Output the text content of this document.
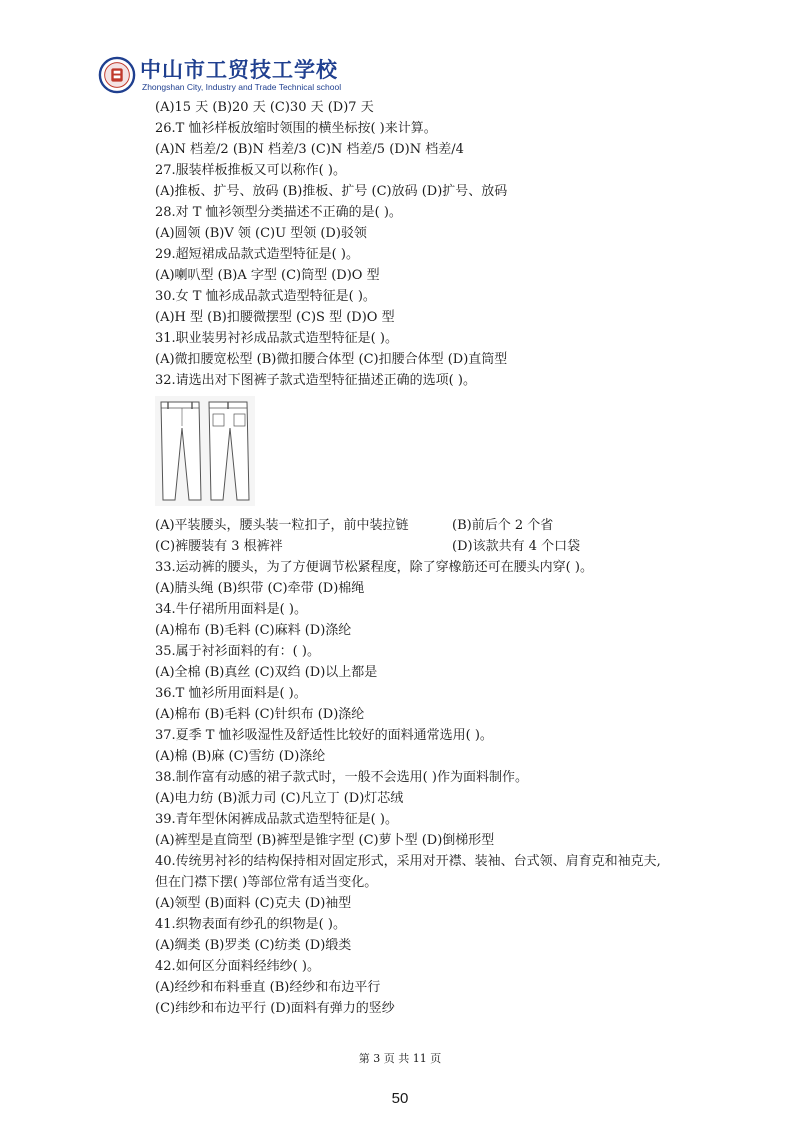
中山市工贸技工学校
Zhongshan City, Industry and Trade Technical school
(A)15 天 (B)20 天 (C)30 天 (D)7 天
26.T 恤衫样板放缩时领围的横坐标按( )来计算。
(A)N 档差/2 (B)N 档差/3 (C)N 档差/5 (D)N 档差/4
27.服装样板推板又可以称作( )。
(A)推板、扩号、放码 (B)推板、扩号 (C)放码 (D)扩号、放码
28.对 T 恤衫领型分类描述不正确的是( )。
(A)圆领 (B)V 领 (C)U 型领 (D)驳领
29.超短裙成品款式造型特征是( )。
(A)喇叭型 (B)A 字型 (C)筒型 (D)O 型
30.女 T 恤衫成品款式造型特征是( )。
(A)H 型 (B)扣腰微摆型 (C)S 型 (D)O 型
31.职业装男衬衫成品款式造型特征是( )。
(A)微扣腰宽松型 (B)微扣腰合体型 (C)扣腰合体型 (D)直筒型
32.请选出对下图裤子款式造型特征描述正确的选项( )。
(A)平装腰头，腰头装一粒扣子，前中装拉链	(B)前后个 2 个省
(C)裤腰装有 3 根裤袢	(D)该款共有 4 个口袋
33.运动裤的腰头，为了方便调节松紧程度，除了穿橡筋还可在腰头内穿( )。
(A)腈头绳 (B)织带 (C)牵带 (D)棉绳
34.牛仔裙所用面料是( )。
(A)棉布 (B)毛料 (C)麻料 (D)涤纶
35.属于衬衫面料的有：( )。
(A)全棉 (B)真丝 (C)双绉 (D)以上都是
36.T 恤衫所用面料是( )。
(A)棉布 (B)毛料 (C)针织布 (D)涤纶
37.夏季 T 恤衫吸湿性及舒适性比较好的面料通常选用( )。
(A)棉 (B)麻 (C)雪纺 (D)涤纶
38.制作富有动感的裙子款式时，一般不会选用( )作为面料制作。
(A)电力纺 (B)派力司 (C)凡立丁 (D)灯芯绒
39.青年型休闲裤成品款式造型特征是( )。
(A)裤型是直筒型 (B)裤型是锥字型 (C)萝卜型 (D)倒梯形型
40.传统男衬衫的结构保持相对固定形式，采用对开襟、装袖、台式领、肩育克和袖克夫,
但在门襟下摆( )等部位常有适当变化。
(A)领型 (B)面料 (C)克夫 (D)袖型
41.织物表面有纱孔的织物是( )。
(A)绸类 (B)罗类 (C)纺类 (D)缎类
42.如何区分面料经纬纱( )。
(A)经纱和布料垂直 (B)经纱和布边平行
(C)纬纱和布边平行 (D)面料有弹力的竖纱
第 3 页 共 11 页
50
